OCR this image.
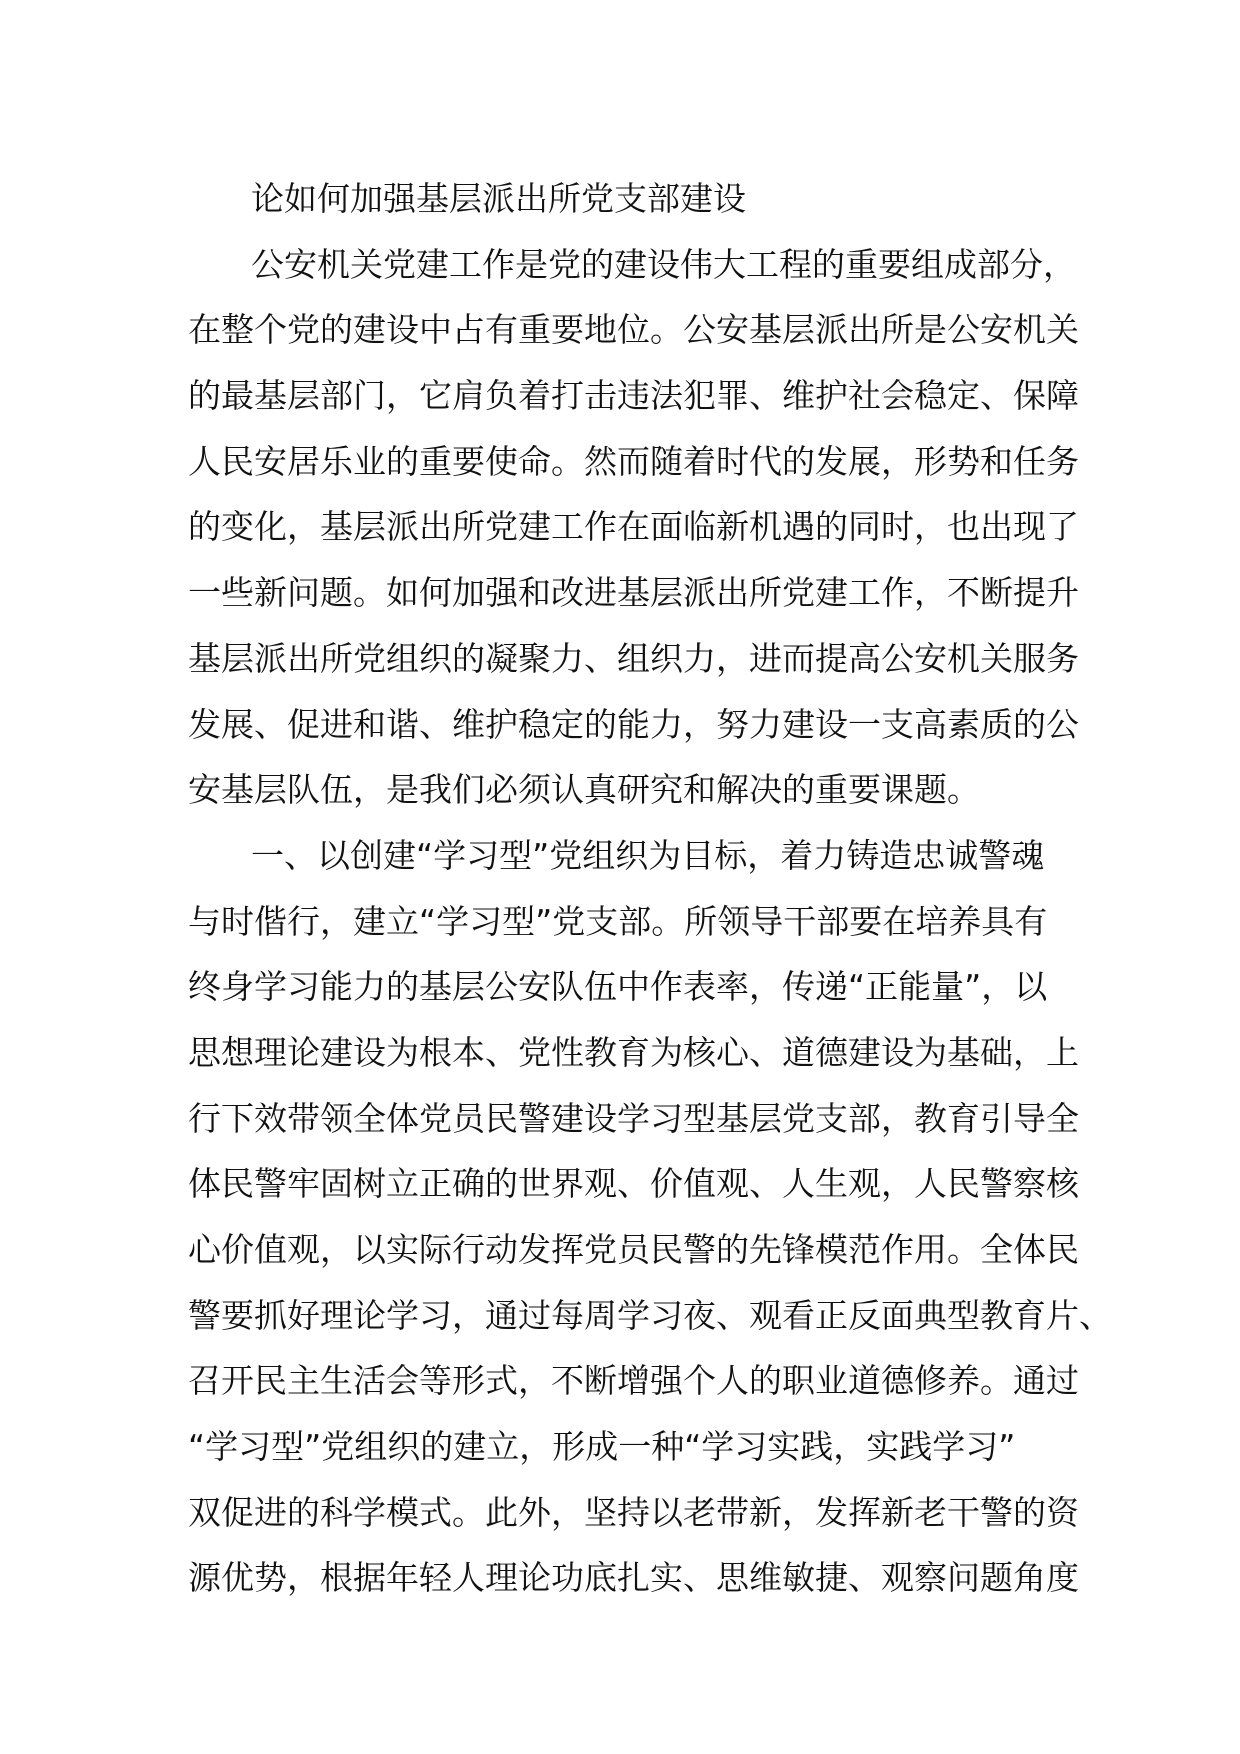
论如何加强基层派出所党支部建设
公安机关党建工作是党的建设伟大工程的重要组成部分，
在整个党的建设中占有重要地位。公安基层派出所是公安机关
的最基层部门，它肩负着打击违法犯罪、维护社会稳定、保障
人民安居乐业的重要使命。然而随着时代的发展，形势和任务
的变化，基层派出所党建工作在面临新机遇的同时，也出现了
一些新问题。如何加强和改进基层派出所党建工作，不断提升
基层派出所党组织的凝聚力、组织力，进而提高公安机关服务
发展、促进和谐、维护稳定的能力，努力建设一支高素质的公
安基层队伍，是我们必须认真研究和解决的重要课题。
一、以创建“学习型”党组织为目标，着力铸造忠诚警魂
与时偕行，建立“学习型”党支部。所领导干部要在培养具有
终身学习能力的基层公安队伍中作表率，传递“正能量”，以
思想理论建设为根本、党性教育为核心、道德建设为基础，上
行下效带领全体党员民警建设学习型基层党支部，教育引导全
体民警牢固树立正确的世界观、价值观、人生观，人民警察核
心价值观，以实际行动发挥党员民警的先锋模范作用。全体民
警要抓好理论学习，通过每周学习夜、观看正反面典型教育片、
召开民主生活会等形式，不断增强个人的职业道德修养。通过
“学习型”党组织的建立，形成一种“学习实践，实践学习”
双促进的科学模式。此外，坚持以老带新，发挥新老干警的资
源优势，根据年轻人理论功底扎实、思维敏捷、观察问题角度
